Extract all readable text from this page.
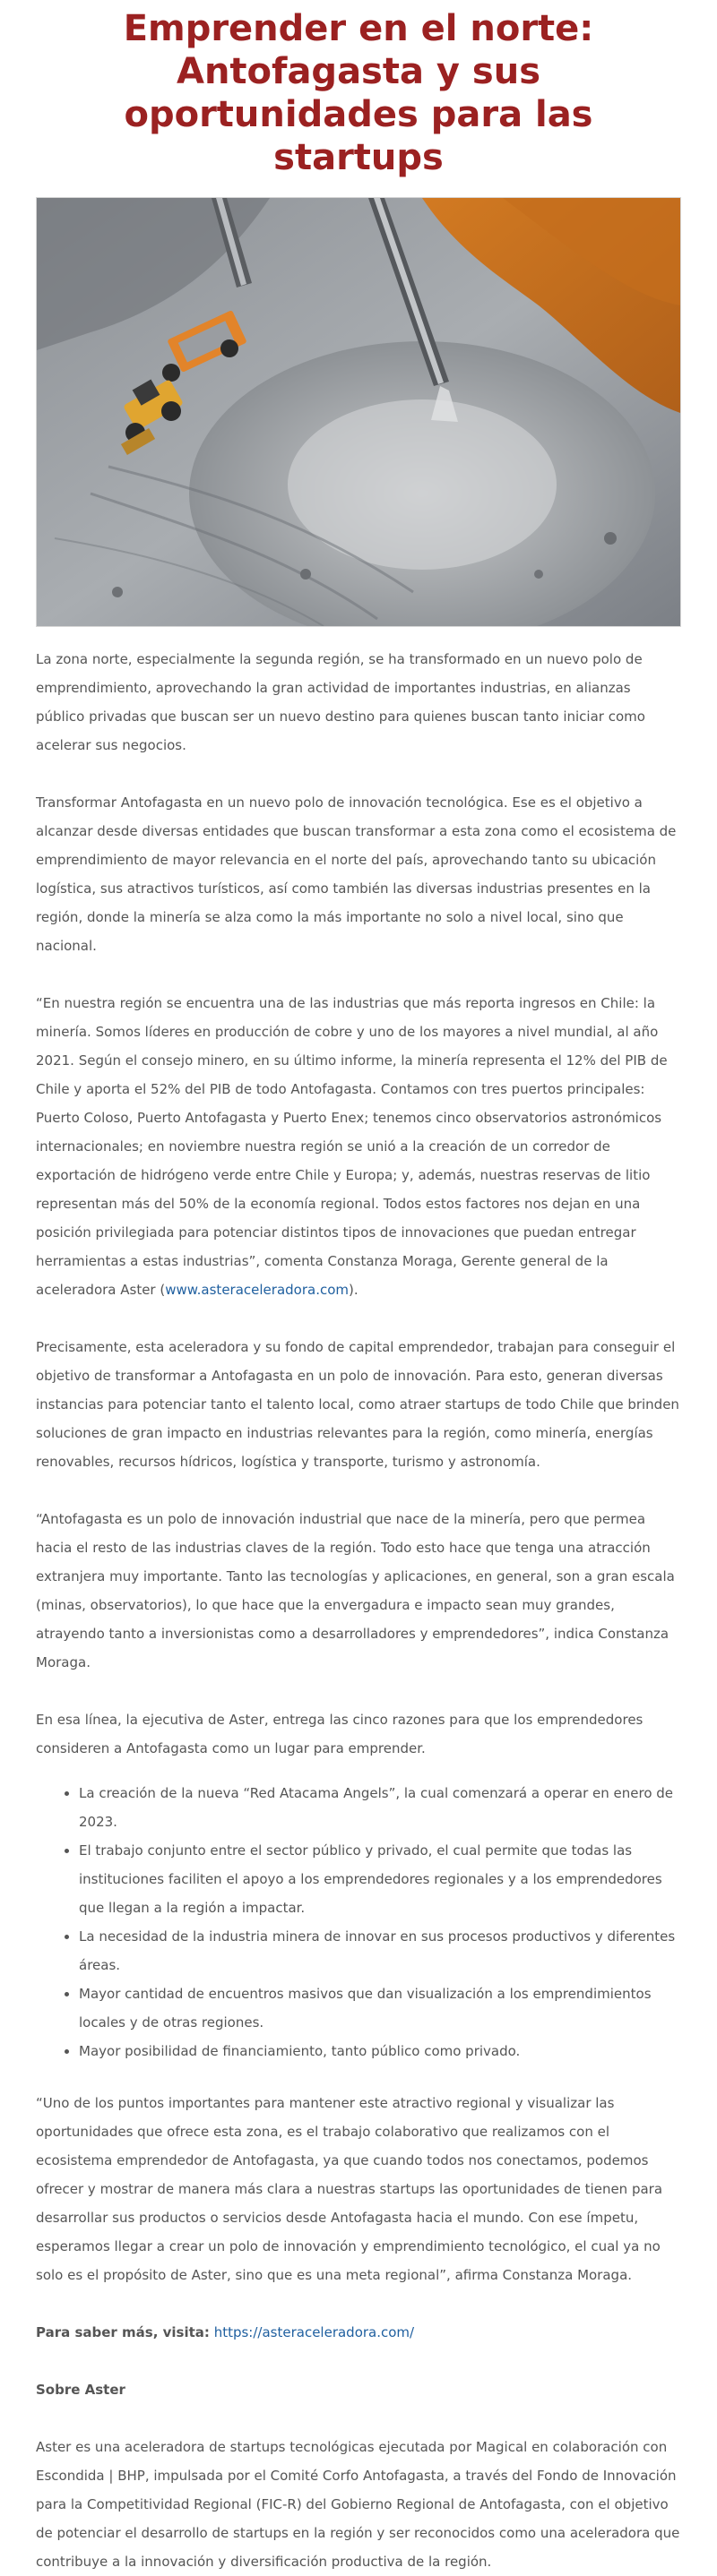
Emprender en el norte: Antofagasta y sus oportunidades para las startups

La zona norte, especialmente la segunda región, se ha transformado en un nuevo polo de emprendimiento, aprovechando la gran actividad de importantes industrias, en alianzas público privadas que buscan ser un nuevo destino para quienes buscan tanto iniciar como acelerar sus negocios.

Transformar Antofagasta en un nuevo polo de innovación tecnológica. Ese es el objetivo a alcanzar desde diversas entidades que buscan transformar a esta zona como el ecosistema de emprendimiento de mayor relevancia en el norte del país, aprovechando tanto su ubicación logística, sus atractivos turísticos, así como también las diversas industrias presentes en la región, donde la minería se alza como la más importante no solo a nivel local, sino que nacional.

“En nuestra región se encuentra una de las industrias que más reporta ingresos en Chile: la minería. Somos líderes en producción de cobre y uno de los mayores a nivel mundial, al año 2021. Según el consejo minero, en su último informe, la minería representa el 12% del PIB de Chile y aporta el 52% del PIB de todo Antofagasta. Contamos con tres puertos principales: Puerto Coloso, Puerto Antofagasta y Puerto Enex; tenemos cinco observatorios astronómicos internacionales; en noviembre nuestra región se unió a la creación de un corredor de exportación de hidrógeno verde entre Chile y Europa; y, además, nuestras reservas de litio representan más del 50% de la economía regional. Todos estos factores nos dejan en una posición privilegiada para potenciar distintos tipos de innovaciones que puedan entregar herramientas a estas industrias”, comenta Constanza Moraga, Gerente general de la aceleradora Aster (www.asteraceleradora.com).

Precisamente, esta aceleradora y su fondo de capital emprendedor, trabajan para conseguir el objetivo de transformar a Antofagasta en un polo de innovación. Para esto, generan diversas instancias para potenciar tanto el talento local, como atraer startups de todo Chile que brinden soluciones de gran impacto en industrias relevantes para la región, como minería, energías renovables, recursos hídricos, logística y transporte, turismo y astronomía.

“Antofagasta es un polo de innovación industrial que nace de la minería, pero que permea hacia el resto de las industrias claves de la región. Todo esto hace que tenga una atracción extranjera muy importante. Tanto las tecnologías y aplicaciones, en general, son a gran escala (minas, observatorios), lo que hace que la envergadura e impacto sean muy grandes, atrayendo tanto a inversionistas como a desarrolladores y emprendedores”, indica Constanza Moraga.

En esa línea, la ejecutiva de Aster, entrega las cinco razones para que los emprendedores consideren a Antofagasta como un lugar para emprender.

• La creación de la nueva “Red Atacama Angels”, la cual comenzará a operar en enero de 2023.
• El trabajo conjunto entre el sector público y privado, el cual permite que todas las instituciones faciliten el apoyo a los emprendedores regionales y a los emprendedores que llegan a la región a impactar.
• La necesidad de la industria minera de innovar en sus procesos productivos y diferentes áreas.
• Mayor cantidad de encuentros masivos que dan visualización a los emprendimientos locales y de otras regiones.
• Mayor posibilidad de financiamiento, tanto público como privado.

“Uno de los puntos importantes para mantener este atractivo regional y visualizar las oportunidades que ofrece esta zona, es el trabajo colaborativo que realizamos con el ecosistema emprendedor de Antofagasta, ya que cuando todos nos conectamos, podemos ofrecer y mostrar de manera más clara a nuestras startups las oportunidades de tienen para desarrollar sus productos o servicios desde Antofagasta hacia el mundo. Con ese ímpetu, esperamos llegar a crear un polo de innovación y emprendimiento tecnológico, el cual ya no solo es el propósito de Aster, sino que es una meta regional”, afirma Constanza Moraga.

Para saber más, visita: https://asteraceleradora.com/

Sobre Aster

Aster es una aceleradora de startups tecnológicas ejecutada por Magical en colaboración con Escondida | BHP, impulsada por el Comité Corfo Antofagasta, a través del Fondo de Innovación para la Competitividad Regional (FIC-R) del Gobierno Regional de Antofagasta, con el objetivo de potenciar el desarrollo de startups en la región y ser reconocidos como una aceleradora que contribuye a la innovación y diversificación productiva de la región.
